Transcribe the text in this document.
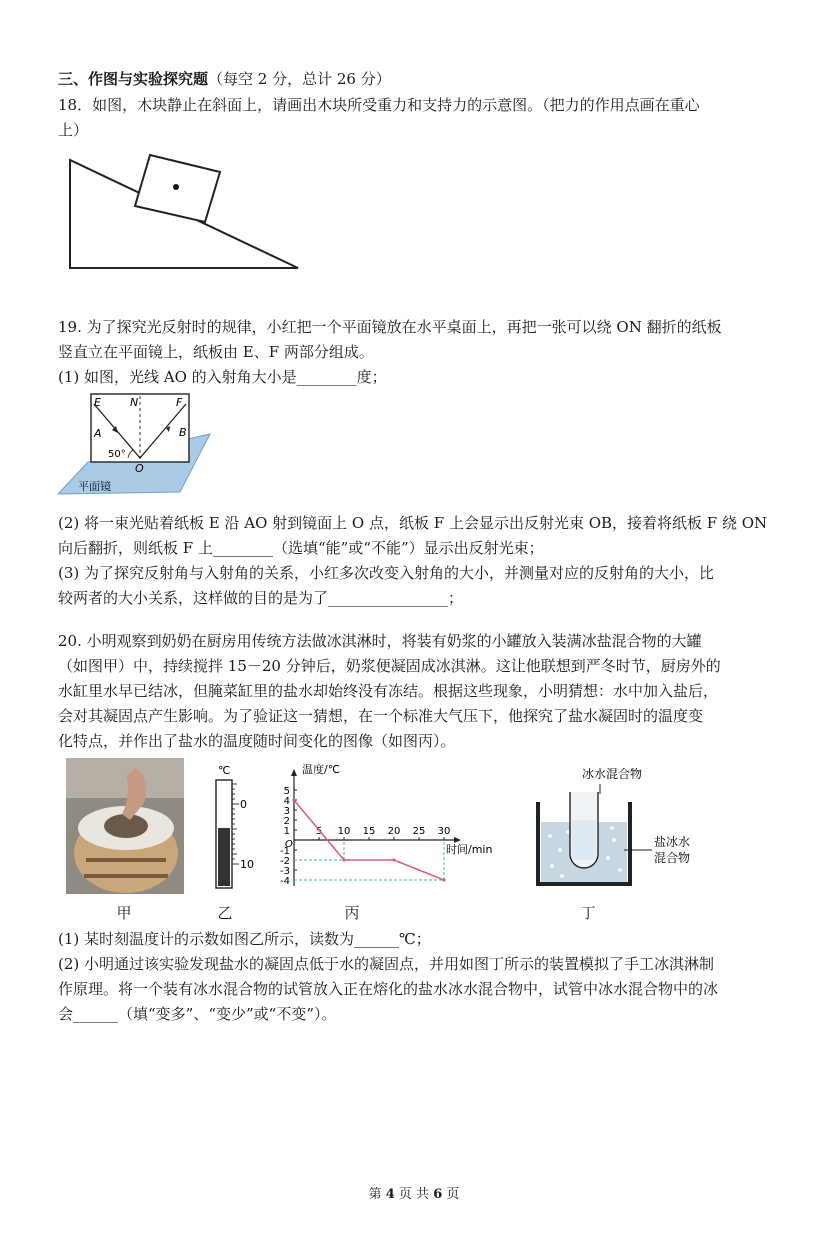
三、作图与实验探究题（每空 2 分，总计 26 分）
18．如图，木块静止在斜面上，请画出木块所受重力和支持力的示意图。（把力的作用点画在重心
上）
19. 为了探究光反射时的规律，小红把一个平面镜放在水平桌面上，再把一张可以绕 ON 翻折的纸板
竖直立在平面镜上，纸板由 E、F 两部分组成。
(1) 如图，光线 AO 的入射角大小是________度；
E	N	F
A	B
O
50°
平面镜
(2) 将一束光贴着纸板 E 沿 AO 射到镜面上 O 点，纸板 F 上会显示出反射光束 OB，接着将纸板 F 绕 ON
向后翻折，则纸板 F 上________（选填“能”或“不能”）显示出反射光束；
(3) 为了探究反射角与入射角的关系，小红多次改变入射角的大小，并测量对应的反射角的大小，比
较两者的大小关系，这样做的目的是为了________________；
20. 小明观察到奶奶在厨房用传统方法做冰淇淋时，将装有奶浆的小罐放入装满冰盐混合物的大罐
（如图甲）中，持续搅拌 15－20 分钟后，奶浆便凝固成冰淇淋。这让他联想到严冬时节，厨房外的
水缸里水早已结冰，但腌菜缸里的盐水却始终没有冻结。根据这些现象，小明猜想：水中加入盐后，
会对其凝固点产生影响。为了验证这一猜想，在一个标准大气压下，他探究了盐水凝固时的温度变
化特点，并作出了盐水的温度随时间变化的图像（如图丙）。
℃
0
10
温度/℃
时间/min
O
5
4
3
2
1
-1
-2
-3
-4
5 10 15 20 25 30
冰水混合物
盐冰水
混合物
甲	乙	丙	丁
(1) 某时刻温度计的示数如图乙所示，读数为______℃；
(2) 小明通过该实验发现盐水的凝固点低于水的凝固点，并用如图丁所示的装置模拟了手工冰淇淋制
作原理。将一个装有冰水混合物的试管放入正在熔化的盐水冰水混合物中，试管中冰水混合物中的冰
会______（填“变多”、“变少”或“不变”）。
第 4 页 共 6 页
